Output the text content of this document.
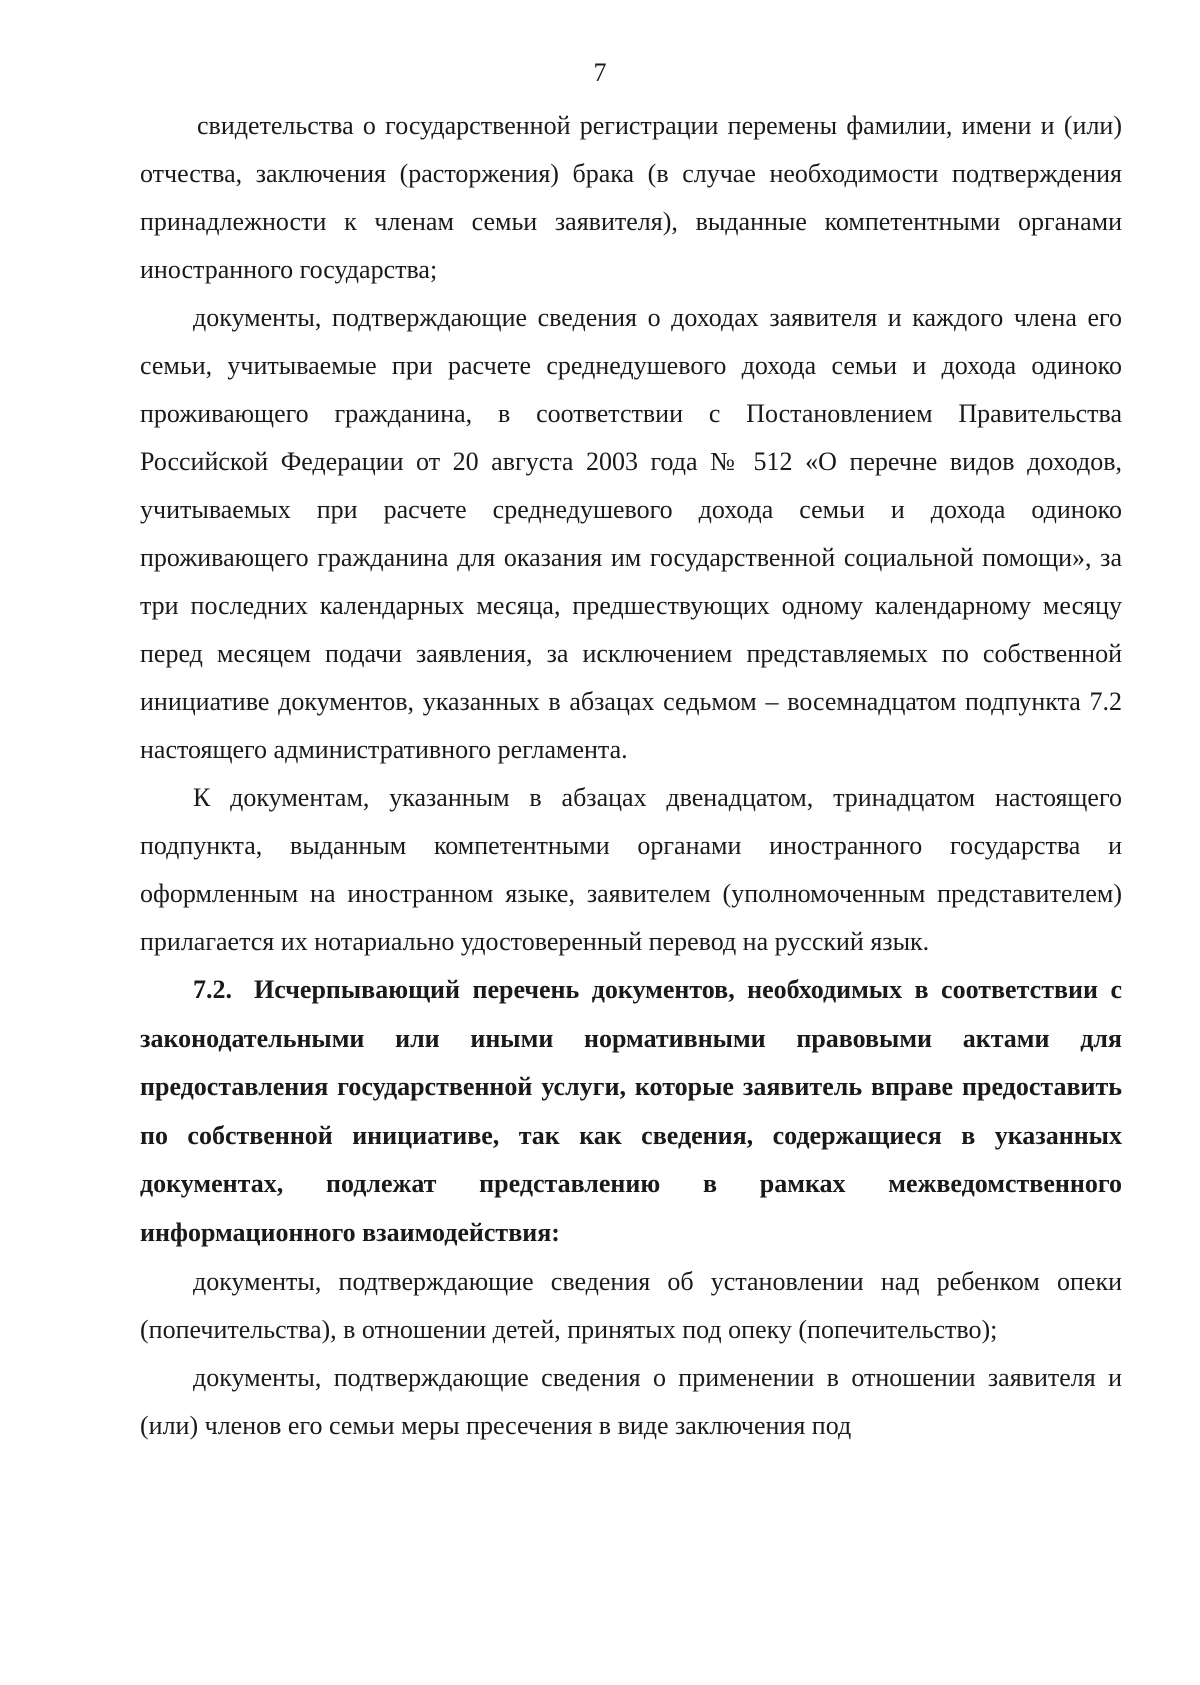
7

свидетельства о государственной регистрации перемены фамилии, имени и (или) отчества, заключения (расторжения) брака (в случае необходимости подтверждения принадлежности к членам семьи заявителя), выданные компетентными органами иностранного государства;

документы, подтверждающие сведения о доходах заявителя и каждого члена его семьи, учитываемые при расчете среднедушевого дохода семьи и дохода одиноко проживающего гражданина, в соответствии с Постановлением Правительства Российской Федерации от 20 августа 2003 года № 512 «О перечне видов доходов, учитываемых при расчете среднедушевого дохода семьи и дохода одиноко проживающего гражданина для оказания им государственной социальной помощи», за три последних календарных месяца, предшествующих одному календарному месяцу перед месяцем подачи заявления, за исключением представляемых по собственной инициативе документов, указанных в абзацах седьмом – восемнадцатом подпункта 7.2 настоящего административного регламента.

К документам, указанным в абзацах двенадцатом, тринадцатом настоящего подпункта, выданным компетентными органами иностранного государства и оформленным на иностранном языке, заявителем (уполномоченным представителем) прилагается их нотариально удостоверенный перевод на русский язык.

7.2. Исчерпывающий перечень документов, необходимых в соответствии с законодательными или иными нормативными правовыми актами для предоставления государственной услуги, которые заявитель вправе предоставить по собственной инициативе, так как сведения, содержащиеся в указанных документах, подлежат представлению в рамках межведомственного информационного взаимодействия:

документы, подтверждающие сведения об установлении над ребенком опеки (попечительства), в отношении детей, принятых под опеку (попечительство);

документы, подтверждающие сведения о применении в отношении заявителя и (или) членов его семьи меры пресечения в виде заключения под
